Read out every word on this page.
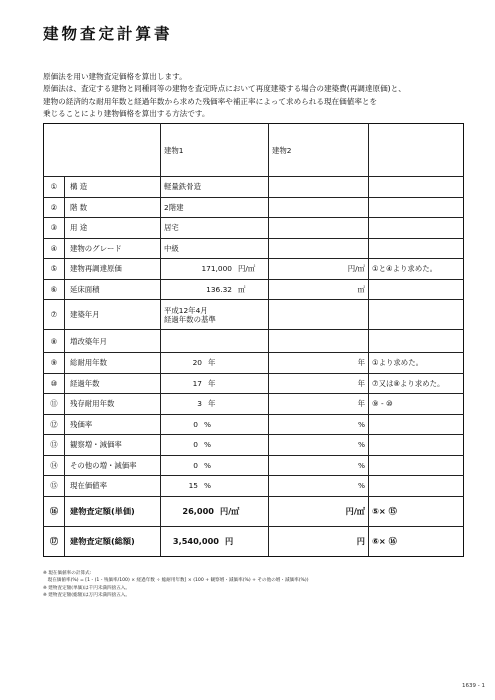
建物査定計算書
原価法を用い建物査定価格を算出します。
原価法は、査定する建物と同種同等の建物を査定時点において再度建築する場合の建築費(再調達原価)と、
建物の経済的な耐用年数と経過年数から求めた残価率や補正率によって求められる現在価値率とを
乗じることにより建物価格を算出する方法です。
		建物1	建物2	
①	構 造	軽量鉄骨造		
②	階 数	2階建		
③	用 途	居宅		
④	建物のグレード	中級		
⑤	建物再調達原価	171,000 円/㎡	円/㎡	①と④より求めた。
⑥	延床面積	136.32 ㎡	㎡	
⑦	建築年月	平成12年4月
経過年数の基準		

⑧	増改築年月			
⑨	総耐用年数	20 年	年	①より求めた。
⑩	経過年数	17 年	年	⑦又は⑧より求めた。
⑪	残存耐用年数	3 年	年	⑨ - ⑩
⑫	残価率	0 %	%	
⑬	観察増・減価率	0 %	%	
⑭	その他の増・減価率	0 %	%	
⑮	現在価値率	15 %	%	
⑯	建物査定額(単価)	26,000 円/㎡	円/㎡	⑤× ⑮
⑰	建物査定額(総額)	3,540,000 円	円	⑥× ⑯
※ 現在価値率の計算式:
　現在価値率(%) = [1 - (1 - 残価率/100) × 経過年数 ÷ 総耐用年数] × (100 + 観察増・減価率(%) + その他の増・減価率(%))
※ 建物査定額(単価)は千円未満四捨五入。
※ 建物査定額(総額)は万円未満四捨五入。
1639 - 1
